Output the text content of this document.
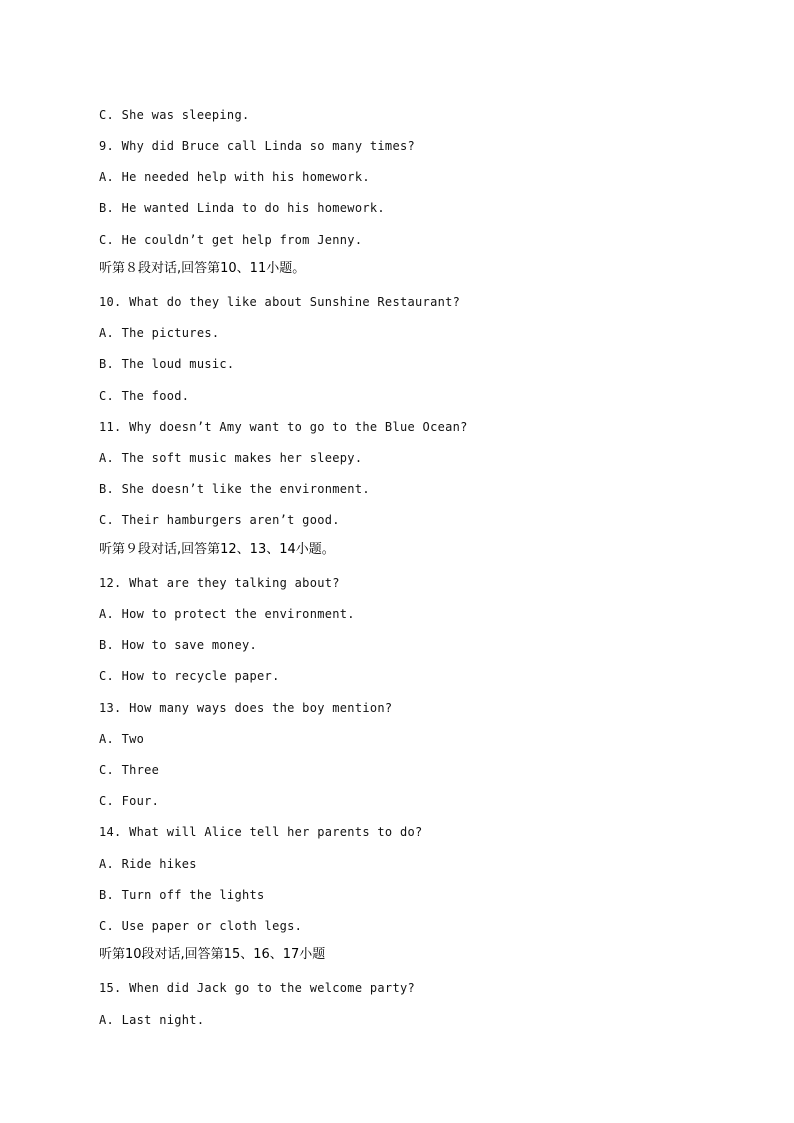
C. She was sleeping.
9. Why did Bruce call Linda so many times?
A. He needed help with his homework.
B. He wanted Linda to do his homework.
C. He couldn’t get help from Jenny.
听第８段对话,回答第10、11小题。
10. What do they like about Sunshine Restaurant?
A. The pictures.
B. The loud music.
C. The food.
11. Why doesn’t Amy want to go to the Blue Ocean?
A. The soft music makes her sleepy.
B. She doesn’t like the environment.
C. Their hamburgers aren’t good.
听第９段对话,回答第12、13、14小题。
12. What are they talking about?
A. How to protect the environment.
B. How to save money.
C. How to recycle paper.
13. How many ways does the boy mention?
A. Two
C. Three
C. Four.
14. What will Alice tell her parents to do?
A. Ride hikes
B. Turn off the lights
C. Use paper or cloth legs.
听第10段对话,回答第15、16、17小题
15. When did Jack go to the welcome party?
A. Last night.
